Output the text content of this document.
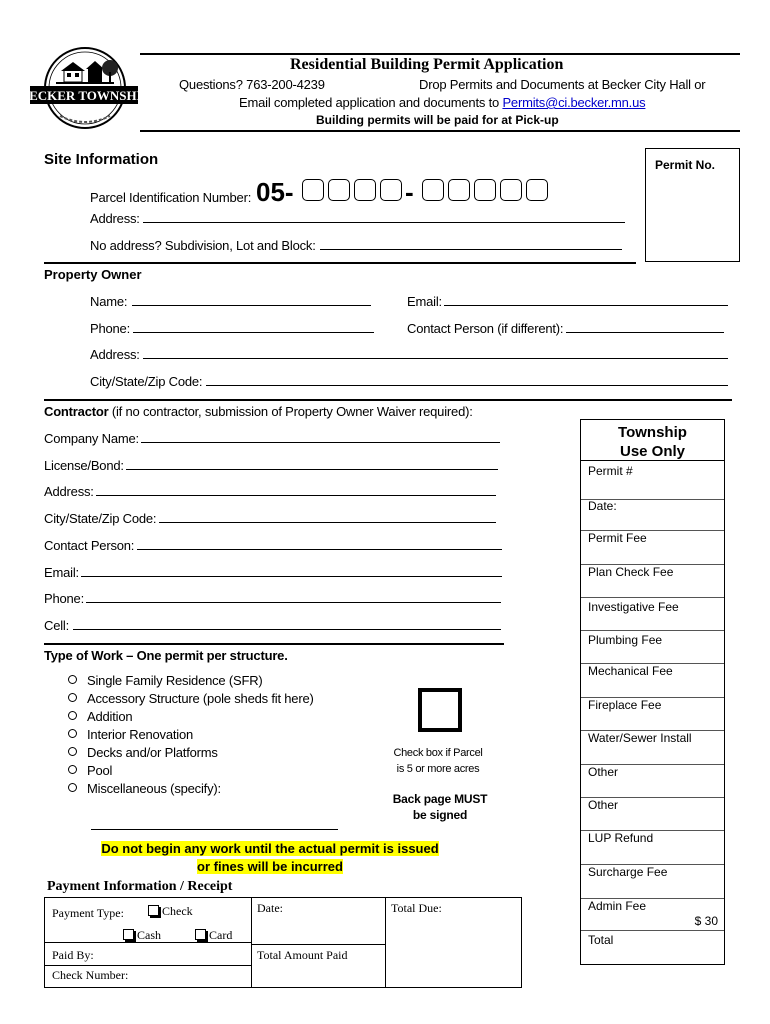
BECKER TOWNSHIP
Residential Building Permit Application
Questions? 763-200-4239	Drop Permits and Documents at Becker City Hall or
Email completed application and documents to Permits@ci.becker.mn.us
Building permits will be paid for at Pick-up
Permit No.
Site Information
Parcel Identification Number: 05-	-
Address:
No address? Subdivision, Lot and Block:
Property Owner
Name:	Email:
Phone:	Contact Person (if different):
Address:
City/State/Zip Code:
Contractor (if no contractor, submission of Property Owner Waiver required):
Company Name:
License/Bond:
Address:
City/State/Zip Code:
Contact Person:
Email:
Phone:
Cell:
Type of Work – One permit per structure.
Single Family Residence (SFR)
Accessory Structure (pole sheds fit here)
Addition
Interior Renovation
Decks and/or Platforms
Pool
Miscellaneous (specify):
Check box if Parcel
is 5 or more acres
Back page MUST
be signed
Do not begin any work until the actual permit is issued
or fines will be incurred
Payment Information / Receipt
Payment Type:	Check
Cash	Card
Date:	Total Due:
Paid By:	Total Amount Paid
Check Number:
Township
Use Only
Permit #
Date:
Permit Fee
Plan Check Fee
Investigative Fee
Plumbing Fee
Mechanical Fee
Fireplace Fee
Water/Sewer Install
Other
Other
LUP Refund
Surcharge Fee
Admin Fee
$ 30
Total
